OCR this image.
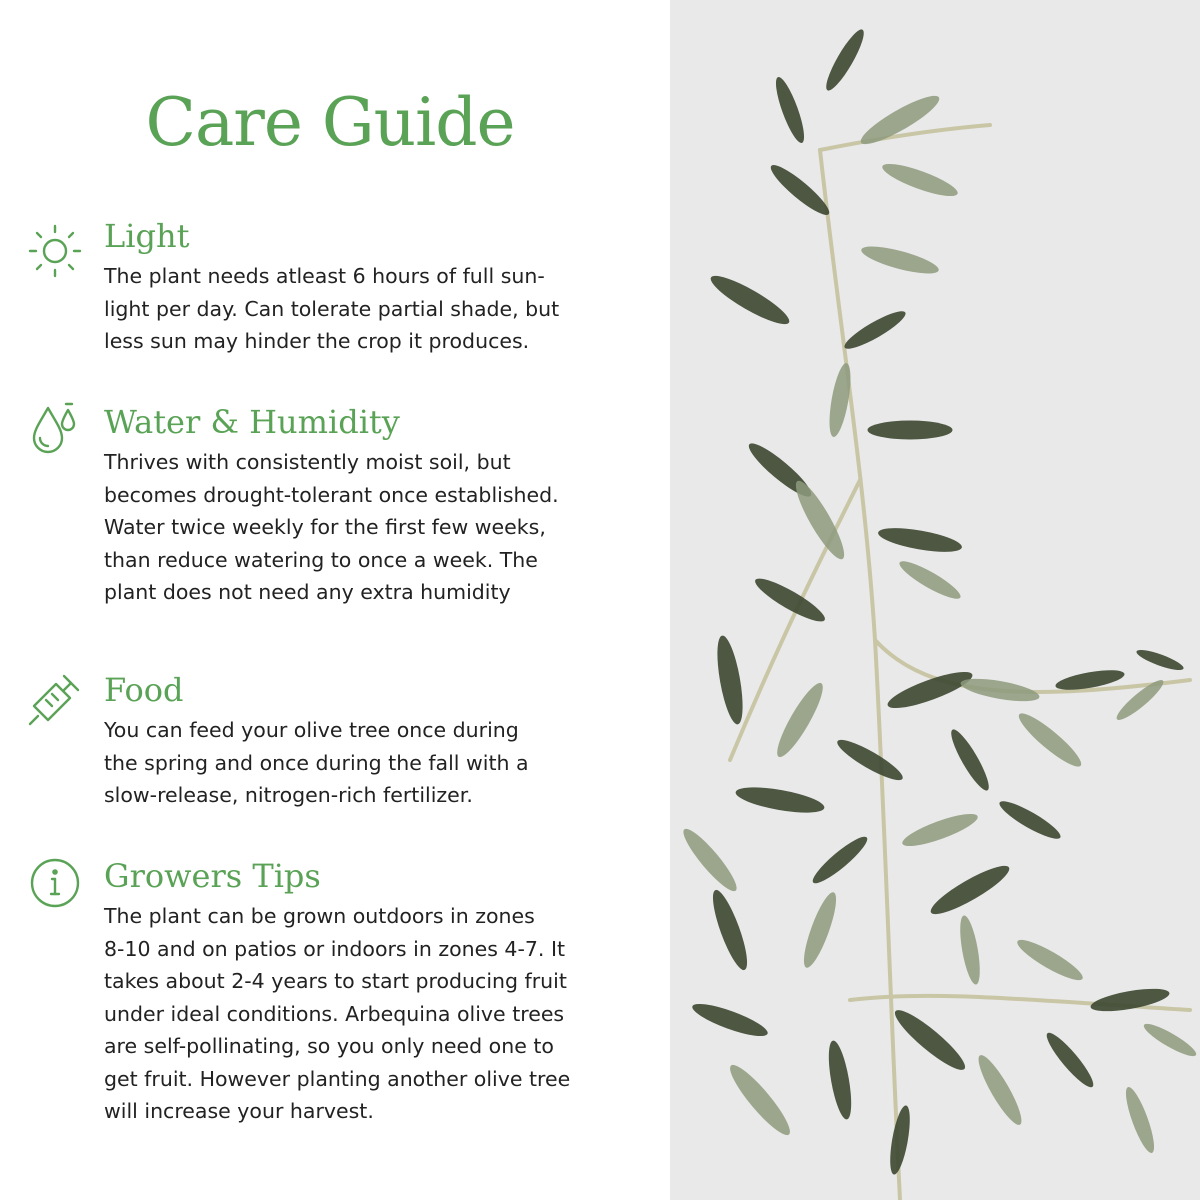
Care Guide
Light

The plant needs atleast 6 hours of full sun-
light per day. Can tolerate partial shade, but
less sun may hinder the crop it produces.

Water & Humidity

Thrives with consistently moist soil, but
becomes drought-tolerant once established.
Water twice weekly for the first few weeks,
than reduce watering to once a week. The
plant does not need any extra humidity

Food

You can feed your olive tree once during
the spring and once during the fall with a
slow-release, nitrogen-rich fertilizer.

Growers Tips

The plant can be grown outdoors in zones
8-10 and on patios or indoors in zones 4-7. It
takes about 2-4 years to start producing fruit
under ideal conditions. Arbequina olive trees
are self-pollinating, so you only need one to
get fruit. However planting another olive tree
will increase your harvest.
